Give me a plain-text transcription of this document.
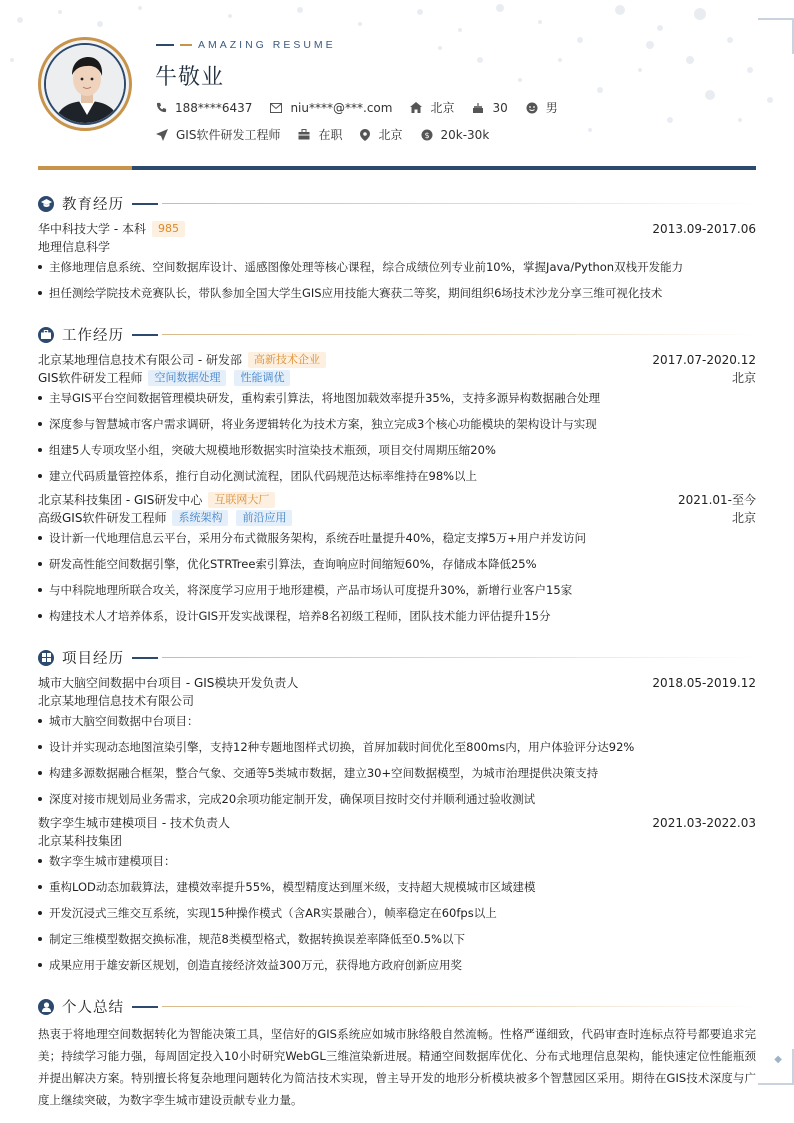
◆
AMAZING RESUME
牛敬业
188****6437	niu****@***.com	北京	30	男
GIS软件研发工程师	在职	北京	$ 20k-30k
教育经历
华中科技大学 - 本科	985	2013.09-2017.06
地理信息科学
主修地理信息系统、空间数据库设计、遥感图像处理等核心课程，综合成绩位列专业前10%，掌握Java/Python双栈开发能力
担任测绘学院技术竞赛队长，带队参加全国大学生GIS应用技能大赛获二等奖，期间组织6场技术沙龙分享三维可视化技术
工作经历
北京某地理信息技术有限公司 - 研发部	高新技术企业	2017.07-2020.12
GIS软件研发工程师	空间数据处理	性能调优	北京
主导GIS平台空间数据管理模块研发，重构索引算法，将地图加载效率提升35%，支持多源异构数据融合处理
深度参与智慧城市客户需求调研，将业务逻辑转化为技术方案，独立完成3个核心功能模块的架构设计与实现
组建5人专项攻坚小组，突破大规模地形数据实时渲染技术瓶颈，项目交付周期压缩20%
建立代码质量管控体系，推行自动化测试流程，团队代码规范达标率维持在98%以上
北京某科技集团 - GIS研发中心	互联网大厂	2021.01-至今
高级GIS软件研发工程师	系统架构	前沿应用	北京
设计新一代地理信息云平台，采用分布式微服务架构，系统吞吐量提升40%，稳定支撑5万+用户并发访问
研发高性能空间数据引擎，优化STRTree索引算法，查询响应时间缩短60%，存储成本降低25%
与中科院地理所联合攻关，将深度学习应用于地形建模，产品市场认可度提升30%，新增行业客户15家
构建技术人才培养体系，设计GIS开发实战课程，培养8名初级工程师，团队技术能力评估提升15分
项目经历
城市大脑空间数据中台项目 - GIS模块开发负责人	2018.05-2019.12
北京某地理信息技术有限公司
城市大脑空间数据中台项目：
设计并实现动态地图渲染引擎，支持12种专题地图样式切换，首屏加载时间优化至800ms内，用户体验评分达92%
构建多源数据融合框架，整合气象、交通等5类城市数据，建立30+空间数据模型，为城市治理提供决策支持
深度对接市规划局业务需求，完成20余项功能定制开发，确保项目按时交付并顺利通过验收测试
数字孪生城市建模项目 - 技术负责人	2021.03-2022.03
北京某科技集团
数字孪生城市建模项目：
重构LOD动态加载算法，建模效率提升55%，模型精度达到厘米级，支持超大规模城市区域建模
开发沉浸式三维交互系统，实现15种操作模式（含AR实景融合），帧率稳定在60fps以上
制定三维模型数据交换标准，规范8类模型格式，数据转换误差率降低至0.5%以下
成果应用于雄安新区规划，创造直接经济效益300万元，获得地方政府创新应用奖
个人总结
热衷于将地理空间数据转化为智能决策工具，坚信好的GIS系统应如城市脉络般自然流畅。性格严谨细致，代码审查时连标点符号都要追求完美；持续学习能力强，每周固定投入10小时研究WebGL三维渲染新进展。精通空间数据库优化、分布式地理信息架构，能快速定位性能瓶颈并提出解决方案。特别擅长将复杂地理问题转化为简洁技术实现，曾主导开发的地形分析模块被多个智慧园区采用。期待在GIS技术深度与广度上继续突破，为数字孪生城市建设贡献专业力量。
